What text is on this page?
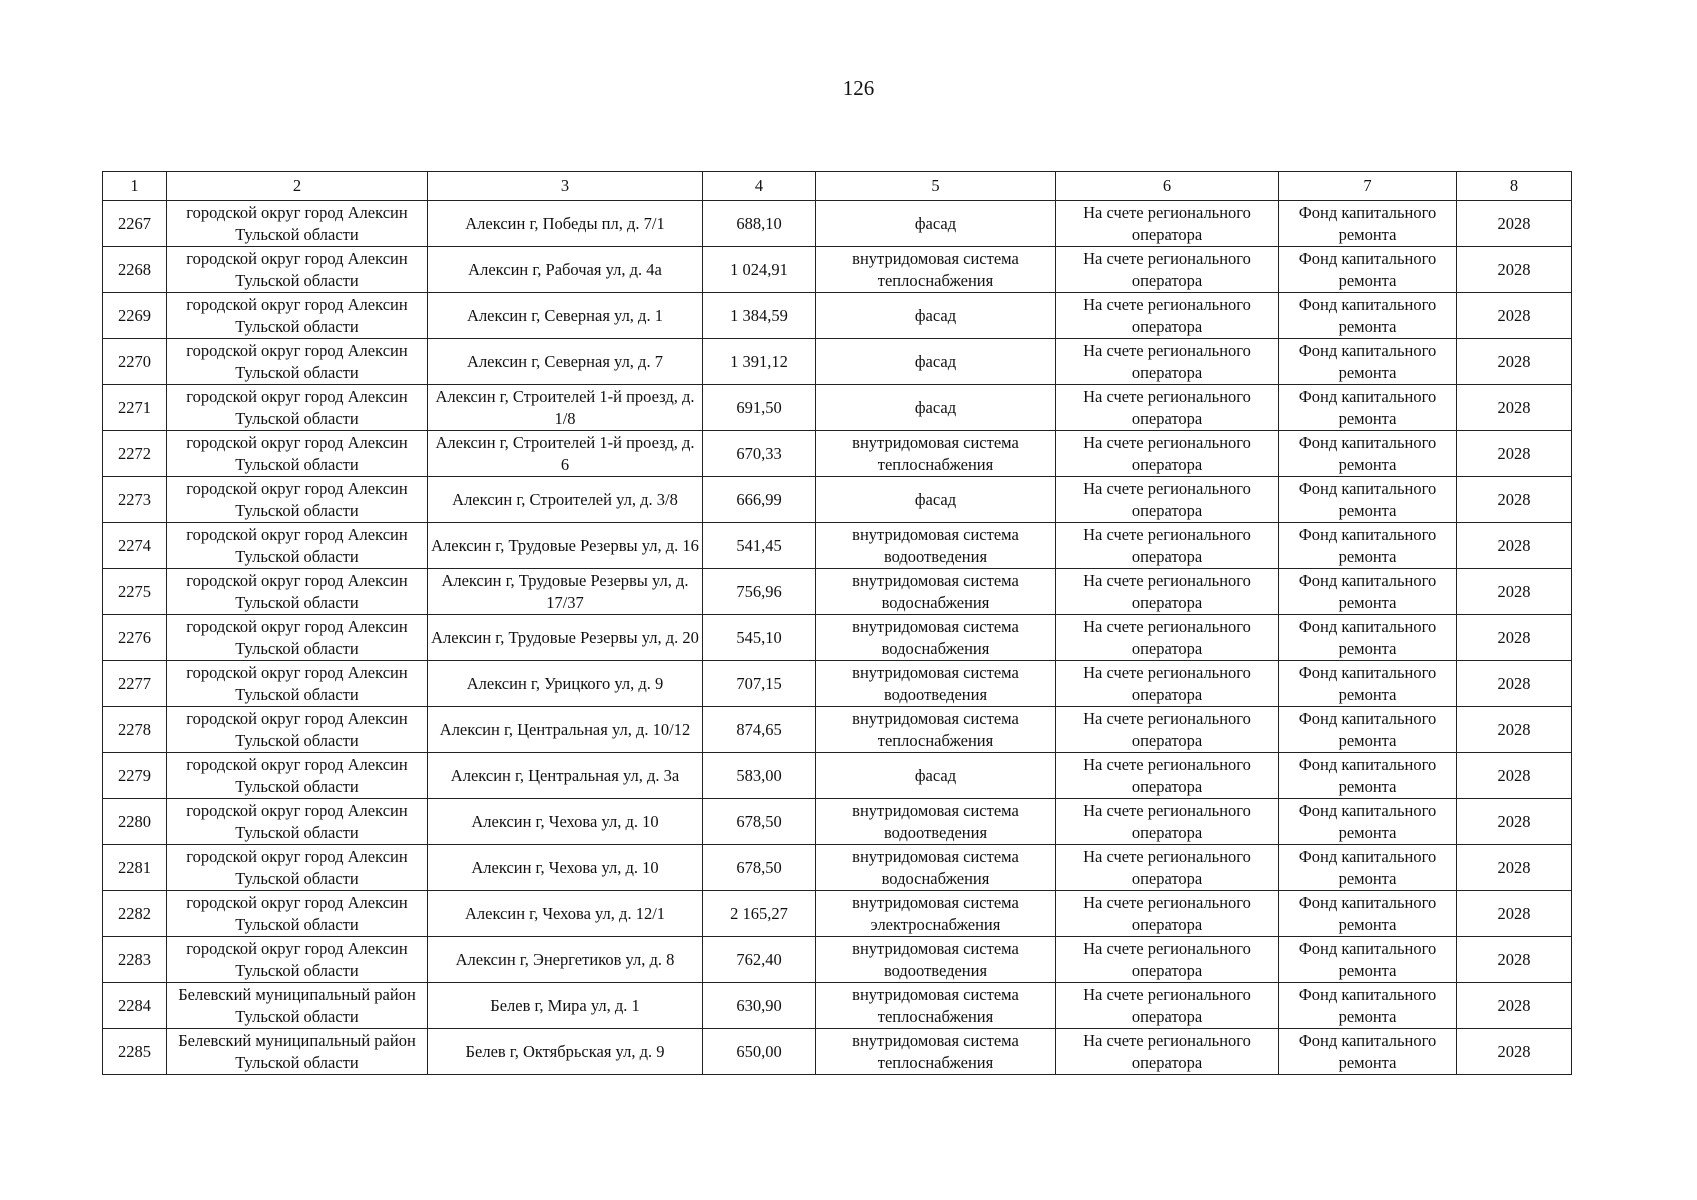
126
1	2	3	4	5	6	7	8
2267	городской округ город Алексин Тульской области	Алексин г, Победы пл, д. 7/1	688,10	фасад	На счете регионального оператора	Фонд капитального ремонта	2028
2268	городской округ город Алексин Тульской области	Алексин г, Рабочая ул, д. 4а	1 024,91	внутридомовая система теплоснабжения	На счете регионального оператора	Фонд капитального ремонта	2028
2269	городской округ город Алексин Тульской области	Алексин г, Северная ул, д. 1	1 384,59	фасад	На счете регионального оператора	Фонд капитального ремонта	2028
2270	городской округ город Алексин Тульской области	Алексин г, Северная ул, д. 7	1 391,12	фасад	На счете регионального оператора	Фонд капитального ремонта	2028
2271	городской округ город Алексин Тульской области	Алексин г, Строителей 1-й проезд, д. 1/8	691,50	фасад	На счете регионального оператора	Фонд капитального ремонта	2028
2272	городской округ город Алексин Тульской области	Алексин г, Строителей 1-й проезд, д. 6	670,33	внутридомовая система теплоснабжения	На счете регионального оператора	Фонд капитального ремонта	2028
2273	городской округ город Алексин Тульской области	Алексин г, Строителей ул, д. 3/8	666,99	фасад	На счете регионального оператора	Фонд капитального ремонта	2028
2274	городской округ город Алексин Тульской области	Алексин г, Трудовые Резервы ул, д. 16	541,45	внутридомовая система водоотведения	На счете регионального оператора	Фонд капитального ремонта	2028
2275	городской округ город Алексин Тульской области	Алексин г, Трудовые Резервы ул, д. 17/37	756,96	внутридомовая система водоснабжения	На счете регионального оператора	Фонд капитального ремонта	2028
2276	городской округ город Алексин Тульской области	Алексин г, Трудовые Резервы ул, д. 20	545,10	внутридомовая система водоснабжения	На счете регионального оператора	Фонд капитального ремонта	2028
2277	городской округ город Алексин Тульской области	Алексин г, Урицкого ул, д. 9	707,15	внутридомовая система водоотведения	На счете регионального оператора	Фонд капитального ремонта	2028
2278	городской округ город Алексин Тульской области	Алексин г, Центральная ул, д. 10/12	874,65	внутридомовая система теплоснабжения	На счете регионального оператора	Фонд капитального ремонта	2028
2279	городской округ город Алексин Тульской области	Алексин г, Центральная ул, д. 3а	583,00	фасад	На счете регионального оператора	Фонд капитального ремонта	2028
2280	городской округ город Алексин Тульской области	Алексин г, Чехова ул, д. 10	678,50	внутридомовая система водоотведения	На счете регионального оператора	Фонд капитального ремонта	2028
2281	городской округ город Алексин Тульской области	Алексин г, Чехова ул, д. 10	678,50	внутридомовая система водоснабжения	На счете регионального оператора	Фонд капитального ремонта	2028
2282	городской округ город Алексин Тульской области	Алексин г, Чехова ул, д. 12/1	2 165,27	внутридомовая система электроснабжения	На счете регионального оператора	Фонд капитального ремонта	2028
2283	городской округ город Алексин Тульской области	Алексин г, Энергетиков ул, д. 8	762,40	внутридомовая система водоотведения	На счете регионального оператора	Фонд капитального ремонта	2028
2284	Белевский муниципальный район Тульской области	Белев г, Мира ул, д. 1	630,90	внутридомовая система теплоснабжения	На счете регионального оператора	Фонд капитального ремонта	2028
2285	Белевский муниципальный район Тульской области	Белев г, Октябрьская ул, д. 9	650,00	внутридомовая система теплоснабжения	На счете регионального оператора	Фонд капитального ремонта	2028
